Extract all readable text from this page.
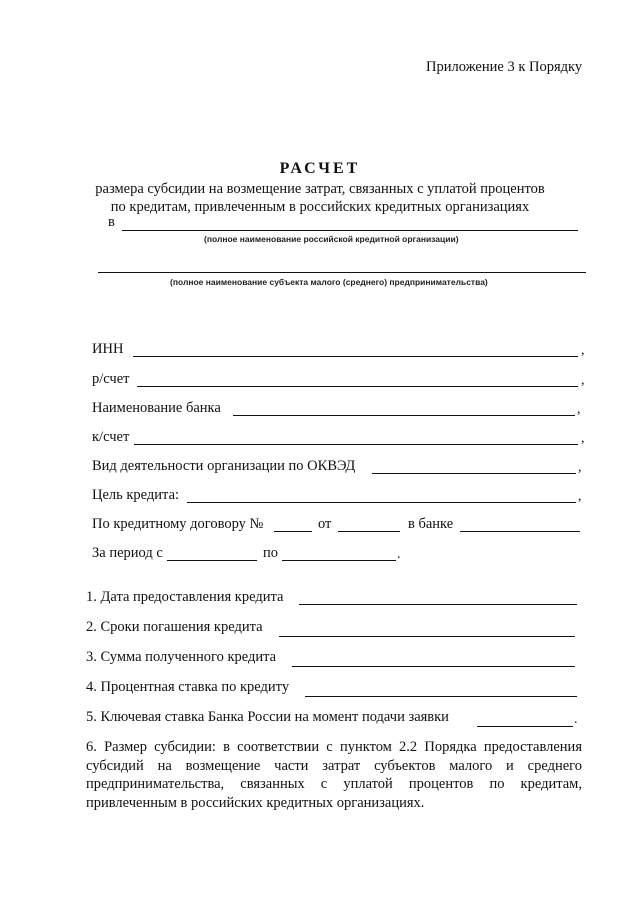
Приложение 3 к Порядку
РАСЧЕТ
размера субсидии на возмещение затрат, связанных с уплатой процентов
по кредитам, привлеченным в российских кредитных организациях
в
(полное наименование российской кредитной организации)
(полное наименование субъекта малого (среднего) предпринимательства)
ИНН	,
р/счет	,
Наименование банка	,
к/счет	,
Вид деятельности организации по ОКВЭД	,
Цель кредита:	,
По кредитному договору №	от	в банке
За период с	по	.
1. Дата предоставления кредита
2. Сроки погашения кредита
3. Сумма полученного кредита
4. Процентная ставка по кредиту
5. Ключевая ставка Банка России на момент подачи заявки	.
6. Размер субсидии: в соответствии с пунктом 2.2 Порядка предоставления субсидий на возмещение части затрат субъектов малого и среднего предпринимательства, связанных с уплатой процентов по кредитам, привлеченным в российских кредитных организациях.
